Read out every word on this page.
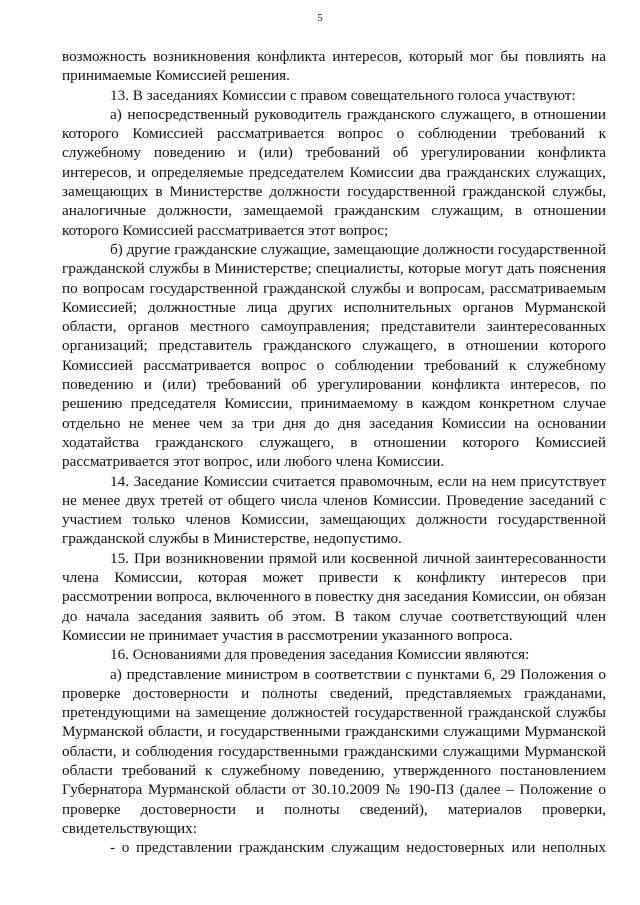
5

возможность возникновения конфликта интересов, который мог бы повлиять на принимаемые Комиссией решения.

13. В заседаниях Комиссии с правом совещательного голоса участвуют:

а) непосредственный руководитель гражданского служащего, в отношении которого Комиссией рассматривается вопрос о соблюдении требований к служебному поведению и (или) требований об урегулировании конфликта интересов, и определяемые председателем Комиссии два гражданских служащих, замещающих в Министерстве должности государственной гражданской службы, аналогичные должности, замещаемой гражданским служащим, в отношении которого Комиссией рассматривается этот вопрос;

б) другие гражданские служащие, замещающие должности государственной гражданской службы в Министерстве; специалисты, которые могут дать пояснения по вопросам государственной гражданской службы и вопросам, рассматриваемым Комиссией; должностные лица других исполнительных органов Мурманской области, органов местного самоуправления; представители заинтересованных организаций; представитель гражданского служащего, в отношении которого Комиссией рассматривается вопрос о соблюдении требований к служебному поведению и (или) требований об урегулировании конфликта интересов, по решению председателя Комиссии, принимаемому в каждом конкретном случае отдельно не менее чем за три дня до дня заседания Комиссии на основании ходатайства гражданского служащего, в отношении которого Комиссией рассматривается этот вопрос, или любого члена Комиссии.

14. Заседание Комиссии считается правомочным, если на нем присутствует не менее двух третей от общего числа членов Комиссии. Проведение заседаний с участием только членов Комиссии, замещающих должности государственной гражданской службы в Министерстве, недопустимо.

15. При возникновении прямой или косвенной личной заинтересованности члена Комиссии, которая может привести к конфликту интересов при рассмотрении вопроса, включенного в повестку дня заседания Комиссии, он обязан до начала заседания заявить об этом. В таком случае соответствующий член Комиссии не принимает участия в рассмотрении указанного вопроса.

16. Основаниями для проведения заседания Комиссии являются:

а) представление министром в соответствии с пунктами 6, 29 Положения о проверке достоверности и полноты сведений, представляемых гражданами, претендующими на замещение должностей государственной гражданской службы Мурманской области, и государственными гражданскими служащими Мурманской области, и соблюдения государственными гражданскими служащими Мурманской области требований к служебному поведению, утвержденного постановлением Губернатора Мурманской области от 30.10.2009 № 190-ПЗ (далее – Положение о проверке достоверности и полноты сведений), материалов проверки, свидетельствующих:

- о представлении гражданским служащим недостоверных или неполных
